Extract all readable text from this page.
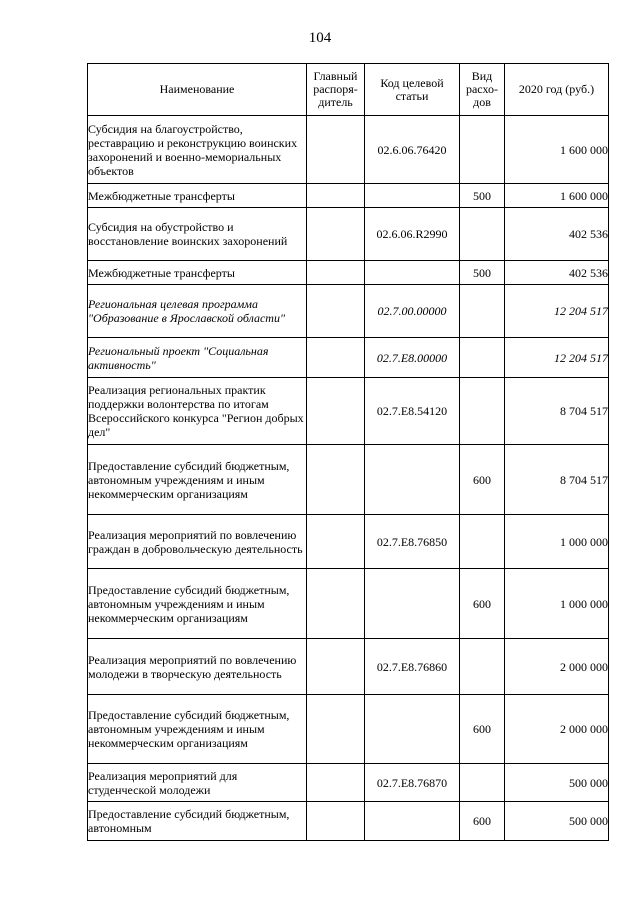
104
Наименование	Главный распоря- дитель	Код целевой статьи	Вид расхо- дов	2020 год (руб.)
Субсидия на благоустройство, реставрацию и реконструкцию воинских захоронений и военно-мемориальных объектов		02.6.06.76420		1 600 000
Межбюджетные трансферты			500	1 600 000
Субсидия на обустройство и восстановление воинских захоронений		02.6.06.R2990		402 536
Межбюджетные трансферты			500	402 536
Региональная целевая программа "Образование в Ярославской области"		02.7.00.00000		12 204 517
Региональный проект "Социальная активность"		02.7.E8.00000		12 204 517
Реализация региональных практик поддержки волонтерства по итогам Всероссийского конкурса "Регион добрых дел"		02.7.E8.54120		8 704 517
Предоставление субсидий бюджетным, автономным учреждениям и иным некоммерческим организациям			600	8 704 517
Реализация мероприятий по вовлечению граждан в добровольческую деятельность		02.7.E8.76850		1 000 000
Предоставление субсидий бюджетным, автономным учреждениям и иным некоммерческим организациям			600	1 000 000
Реализация мероприятий по вовлечению молодежи в творческую деятельность		02.7.E8.76860		2 000 000
Предоставление субсидий бюджетным, автономным учреждениям и иным некоммерческим организациям			600	2 000 000
Реализация мероприятий для студенческой молодежи		02.7.E8.76870		500 000
Предоставление субсидий бюджетным, автономным			600	500 000
